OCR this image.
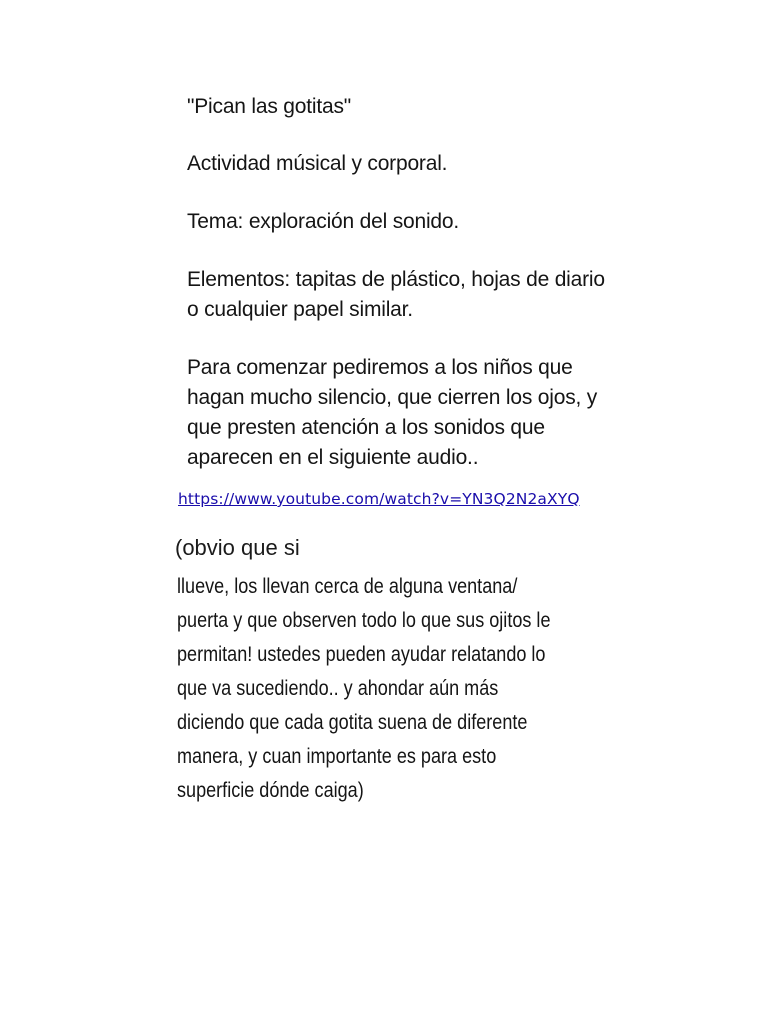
"Pican las gotitas"

Actividad músical y corporal.

Tema: exploración del sonido.

Elementos: tapitas de plástico, hojas de diario
o cualquier papel similar.

Para comenzar pediremos a los niños que
hagan mucho silencio, que cierren los ojos, y
que presten atención a los sonidos que
aparecen en el siguiente audio..

https://www.youtube.com/watch?v=YN3Q2N2aXYQ
(obvio que si
llueve, los llevan cerca de alguna ventana/
puerta y que observen todo lo que sus ojitos le
permitan! ustedes pueden ayudar relatando lo
que va sucediendo.. y ahondar aún más
diciendo que cada gotita suena de diferente
manera, y cuan importante es para esto
superficie dónde caiga)
